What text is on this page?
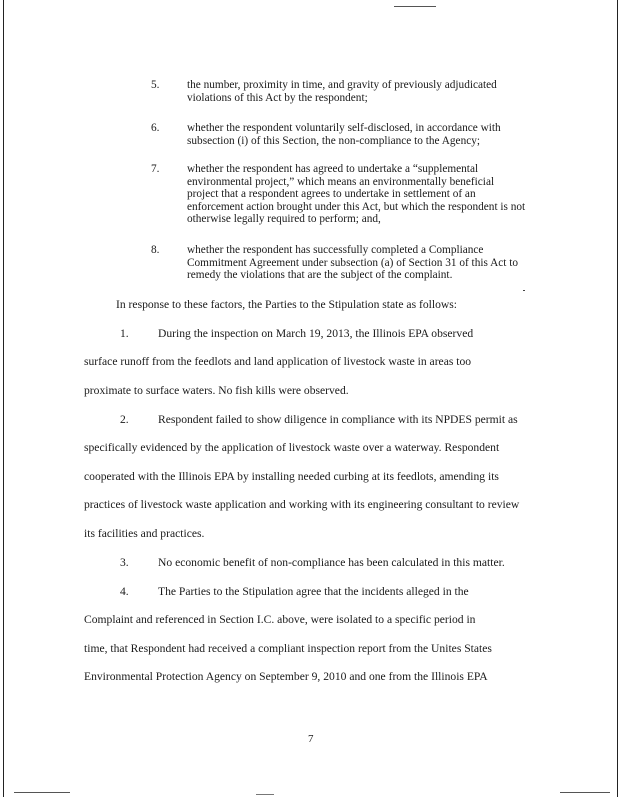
5. the number, proximity in time, and gravity of previously adjudicated
violations of this Act by the respondent;
6. whether the respondent voluntarily self-disclosed, in accordance with
subsection (i) of this Section, the non-compliance to the Agency;
7. whether the respondent has agreed to undertake a “supplemental
environmental project,” which means an environmentally beneficial
project that a respondent agrees to undertake in settlement of an
enforcement action brought under this Act, but which the respondent is not
otherwise legally required to perform; and,
8. whether the respondent has successfully completed a Compliance
Commitment Agreement under subsection (a) of Section 31 of this Act to
remedy the violations that are the subject of the complaint.
In response to these factors, the Parties to the Stipulation state as follows:
1.	During the inspection on March 19, 2013, the Illinois EPA observed
surface runoff from the feedlots and land application of livestock waste in areas too
proximate to surface waters. No fish kills were observed.
2.	Respondent failed to show diligence in compliance with its NPDES permit as
specifically evidenced by the application of livestock waste over a waterway. Respondent
cooperated with the Illinois EPA by installing needed curbing at its feedlots, amending its
practices of livestock waste application and working with its engineering consultant to review
its facilities and practices.
3.	No economic benefit of non-compliance has been calculated in this matter.
4.	The Parties to the Stipulation agree that the incidents alleged in the
Complaint and referenced in Section I.C. above, were isolated to a specific period in
time, that Respondent had received a compliant inspection report from the Unites States
Environmental Protection Agency on September 9, 2010 and one from the Illinois EPA
7
